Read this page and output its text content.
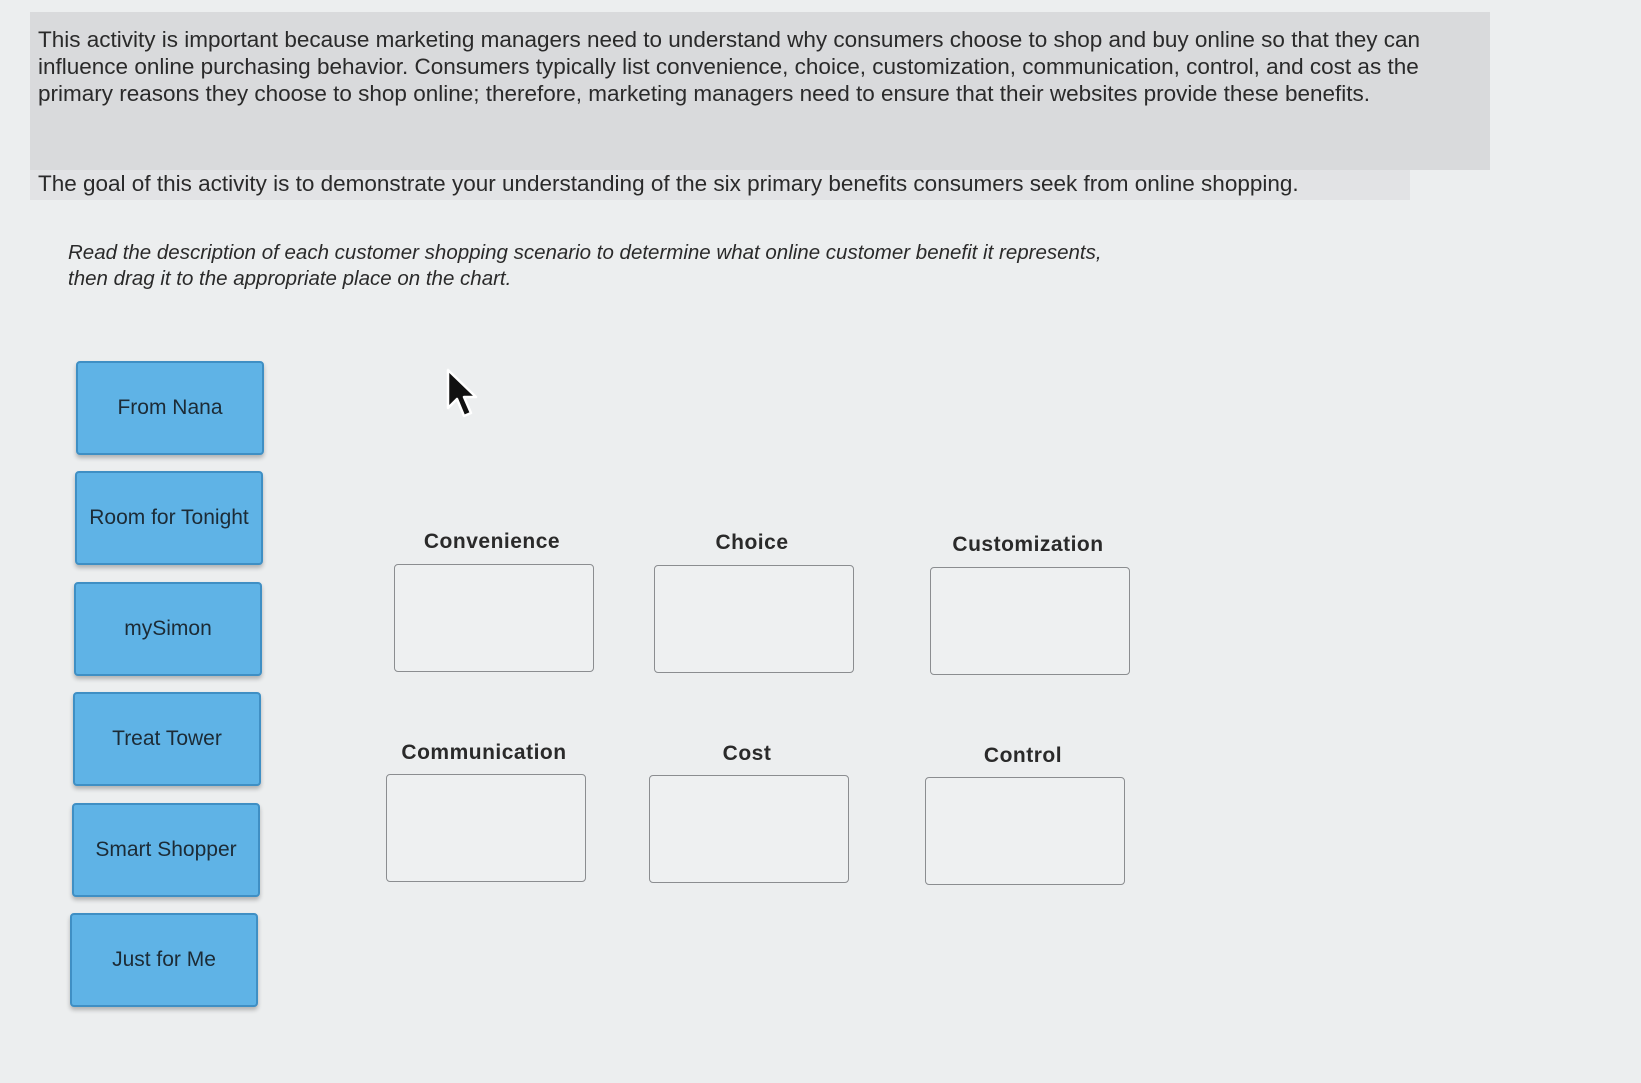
This activity is important because marketing managers need to understand why consumers choose to shop and buy online so that they can influence online purchasing behavior. Consumers typically list convenience, choice, customization, communication, control, and cost as the primary reasons they choose to shop online; therefore, marketing managers need to ensure that their websites provide these benefits.
The goal of this activity is to demonstrate your understanding of the six primary benefits consumers seek from online shopping.
Read the description of each customer shopping scenario to determine what online customer benefit it represents, then drag it to the appropriate place on the chart.
From Nana
Room for Tonight
mySimon
Treat Tower
Smart Shopper
Just for Me
Convenience	Choice	Customization
Communication	Cost	Control
